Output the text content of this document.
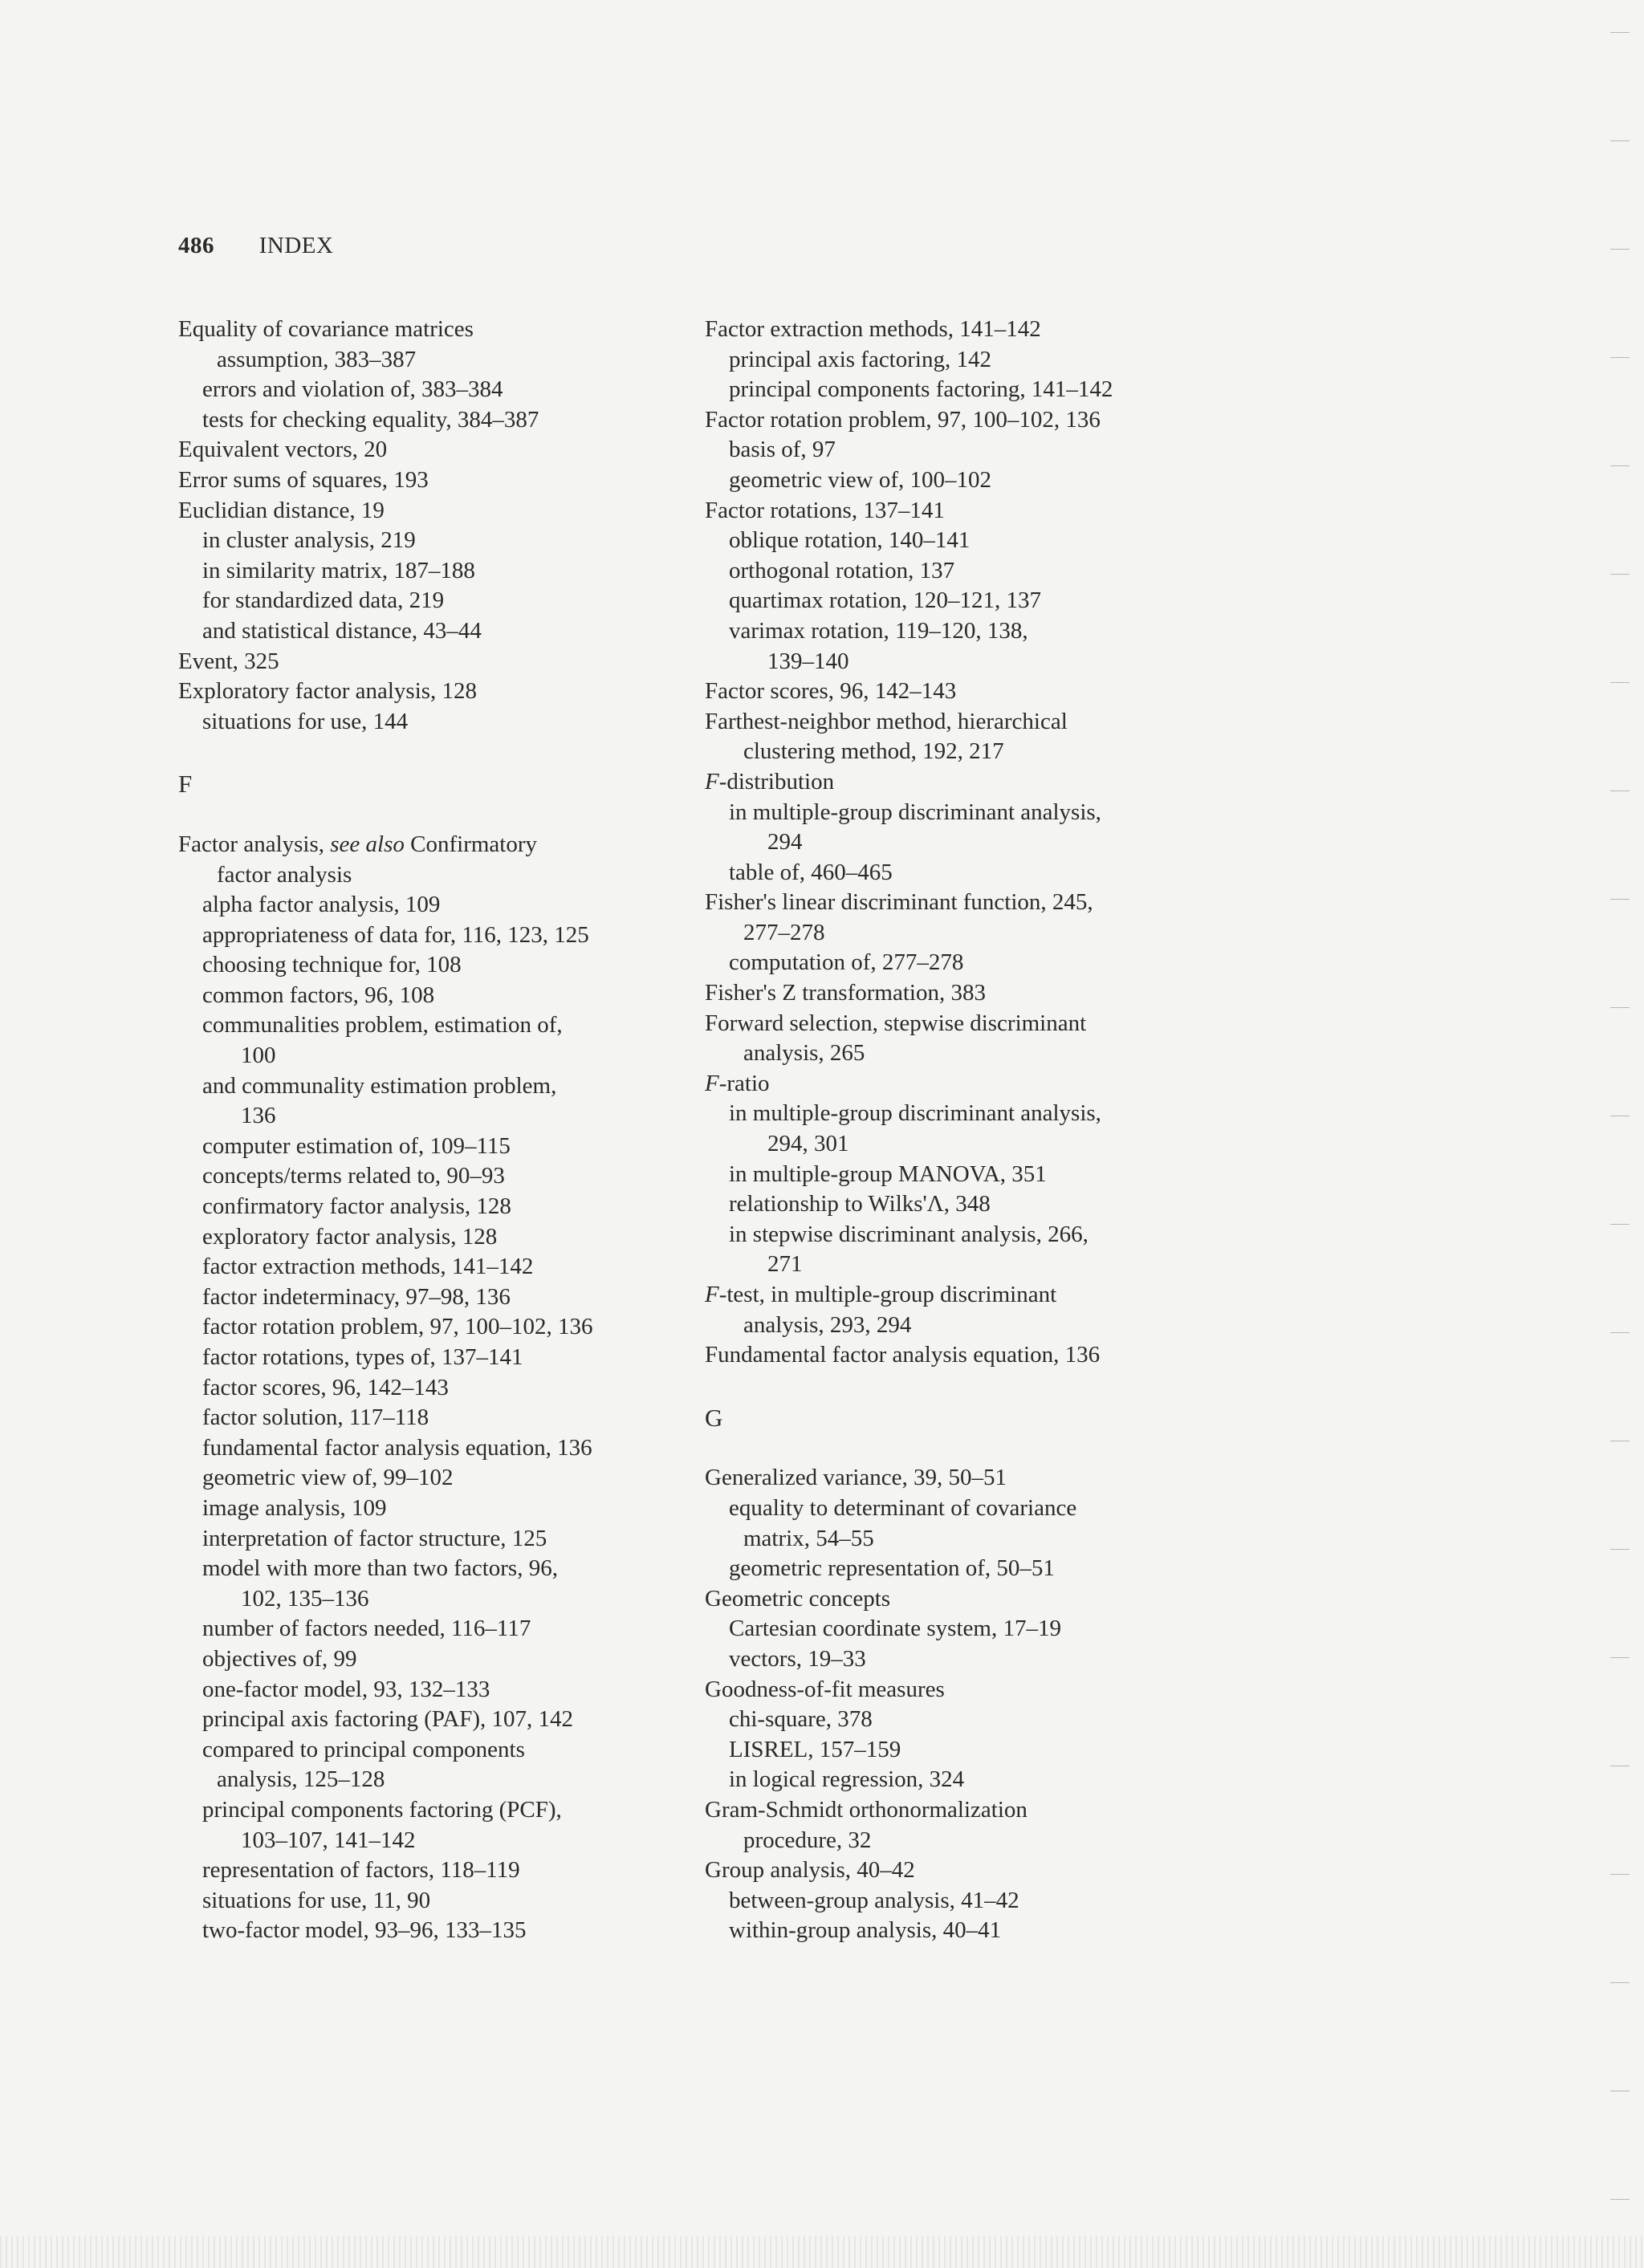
486 INDEX
Equality of covariance matrices
assumption, 383–387
errors and violation of, 383–384
tests for checking equality, 384–387
Equivalent vectors, 20
Error sums of squares, 193
Euclidian distance, 19
in cluster analysis, 219
in similarity matrix, 187–188
for standardized data, 219
and statistical distance, 43–44
Event, 325
Exploratory factor analysis, 128
situations for use, 144
F
Factor analysis, see also Confirmatory
factor analysis
alpha factor analysis, 109
appropriateness of data for, 116, 123, 125
choosing technique for, 108
common factors, 96, 108
communalities problem, estimation of,
100
and communality estimation problem,
136
computer estimation of, 109–115
concepts/terms related to, 90–93
confirmatory factor analysis, 128
exploratory factor analysis, 128
factor extraction methods, 141–142
factor indeterminacy, 97–98, 136
factor rotation problem, 97, 100–102, 136
factor rotations, types of, 137–141
factor scores, 96, 142–143
factor solution, 117–118
fundamental factor analysis equation, 136
geometric view of, 99–102
image analysis, 109
interpretation of factor structure, 125
model with more than two factors, 96,
102, 135–136
number of factors needed, 116–117
objectives of, 99
one-factor model, 93, 132–133
principal axis factoring (PAF), 107, 142
compared to principal components
analysis, 125–128
principal components factoring (PCF),
103–107, 141–142
representation of factors, 118–119
situations for use, 11, 90
two-factor model, 93–96, 133–135
Factor extraction methods, 141–142
principal axis factoring, 142
principal components factoring, 141–142
Factor rotation problem, 97, 100–102, 136
basis of, 97
geometric view of, 100–102
Factor rotations, 137–141
oblique rotation, 140–141
orthogonal rotation, 137
quartimax rotation, 120–121, 137
varimax rotation, 119–120, 138,
139–140
Factor scores, 96, 142–143
Farthest-neighbor method, hierarchical
clustering method, 192, 217
F-distribution
in multiple-group discriminant analysis,
294
table of, 460–465
Fisher's linear discriminant function, 245,
277–278
computation of, 277–278
Fisher's Z transformation, 383
Forward selection, stepwise discriminant
analysis, 265
F-ratio
in multiple-group discriminant analysis,
294, 301
in multiple-group MANOVA, 351
relationship to Wilks'Λ, 348
in stepwise discriminant analysis, 266,
271
F-test, in multiple-group discriminant
analysis, 293, 294
Fundamental factor analysis equation, 136
G
Generalized variance, 39, 50–51
equality to determinant of covariance
matrix, 54–55
geometric representation of, 50–51
Geometric concepts
Cartesian coordinate system, 17–19
vectors, 19–33
Goodness-of-fit measures
chi-square, 378
LISREL, 157–159
in logical regression, 324
Gram-Schmidt orthonormalization
procedure, 32
Group analysis, 40–42
between-group analysis, 41–42
within-group analysis, 40–41
